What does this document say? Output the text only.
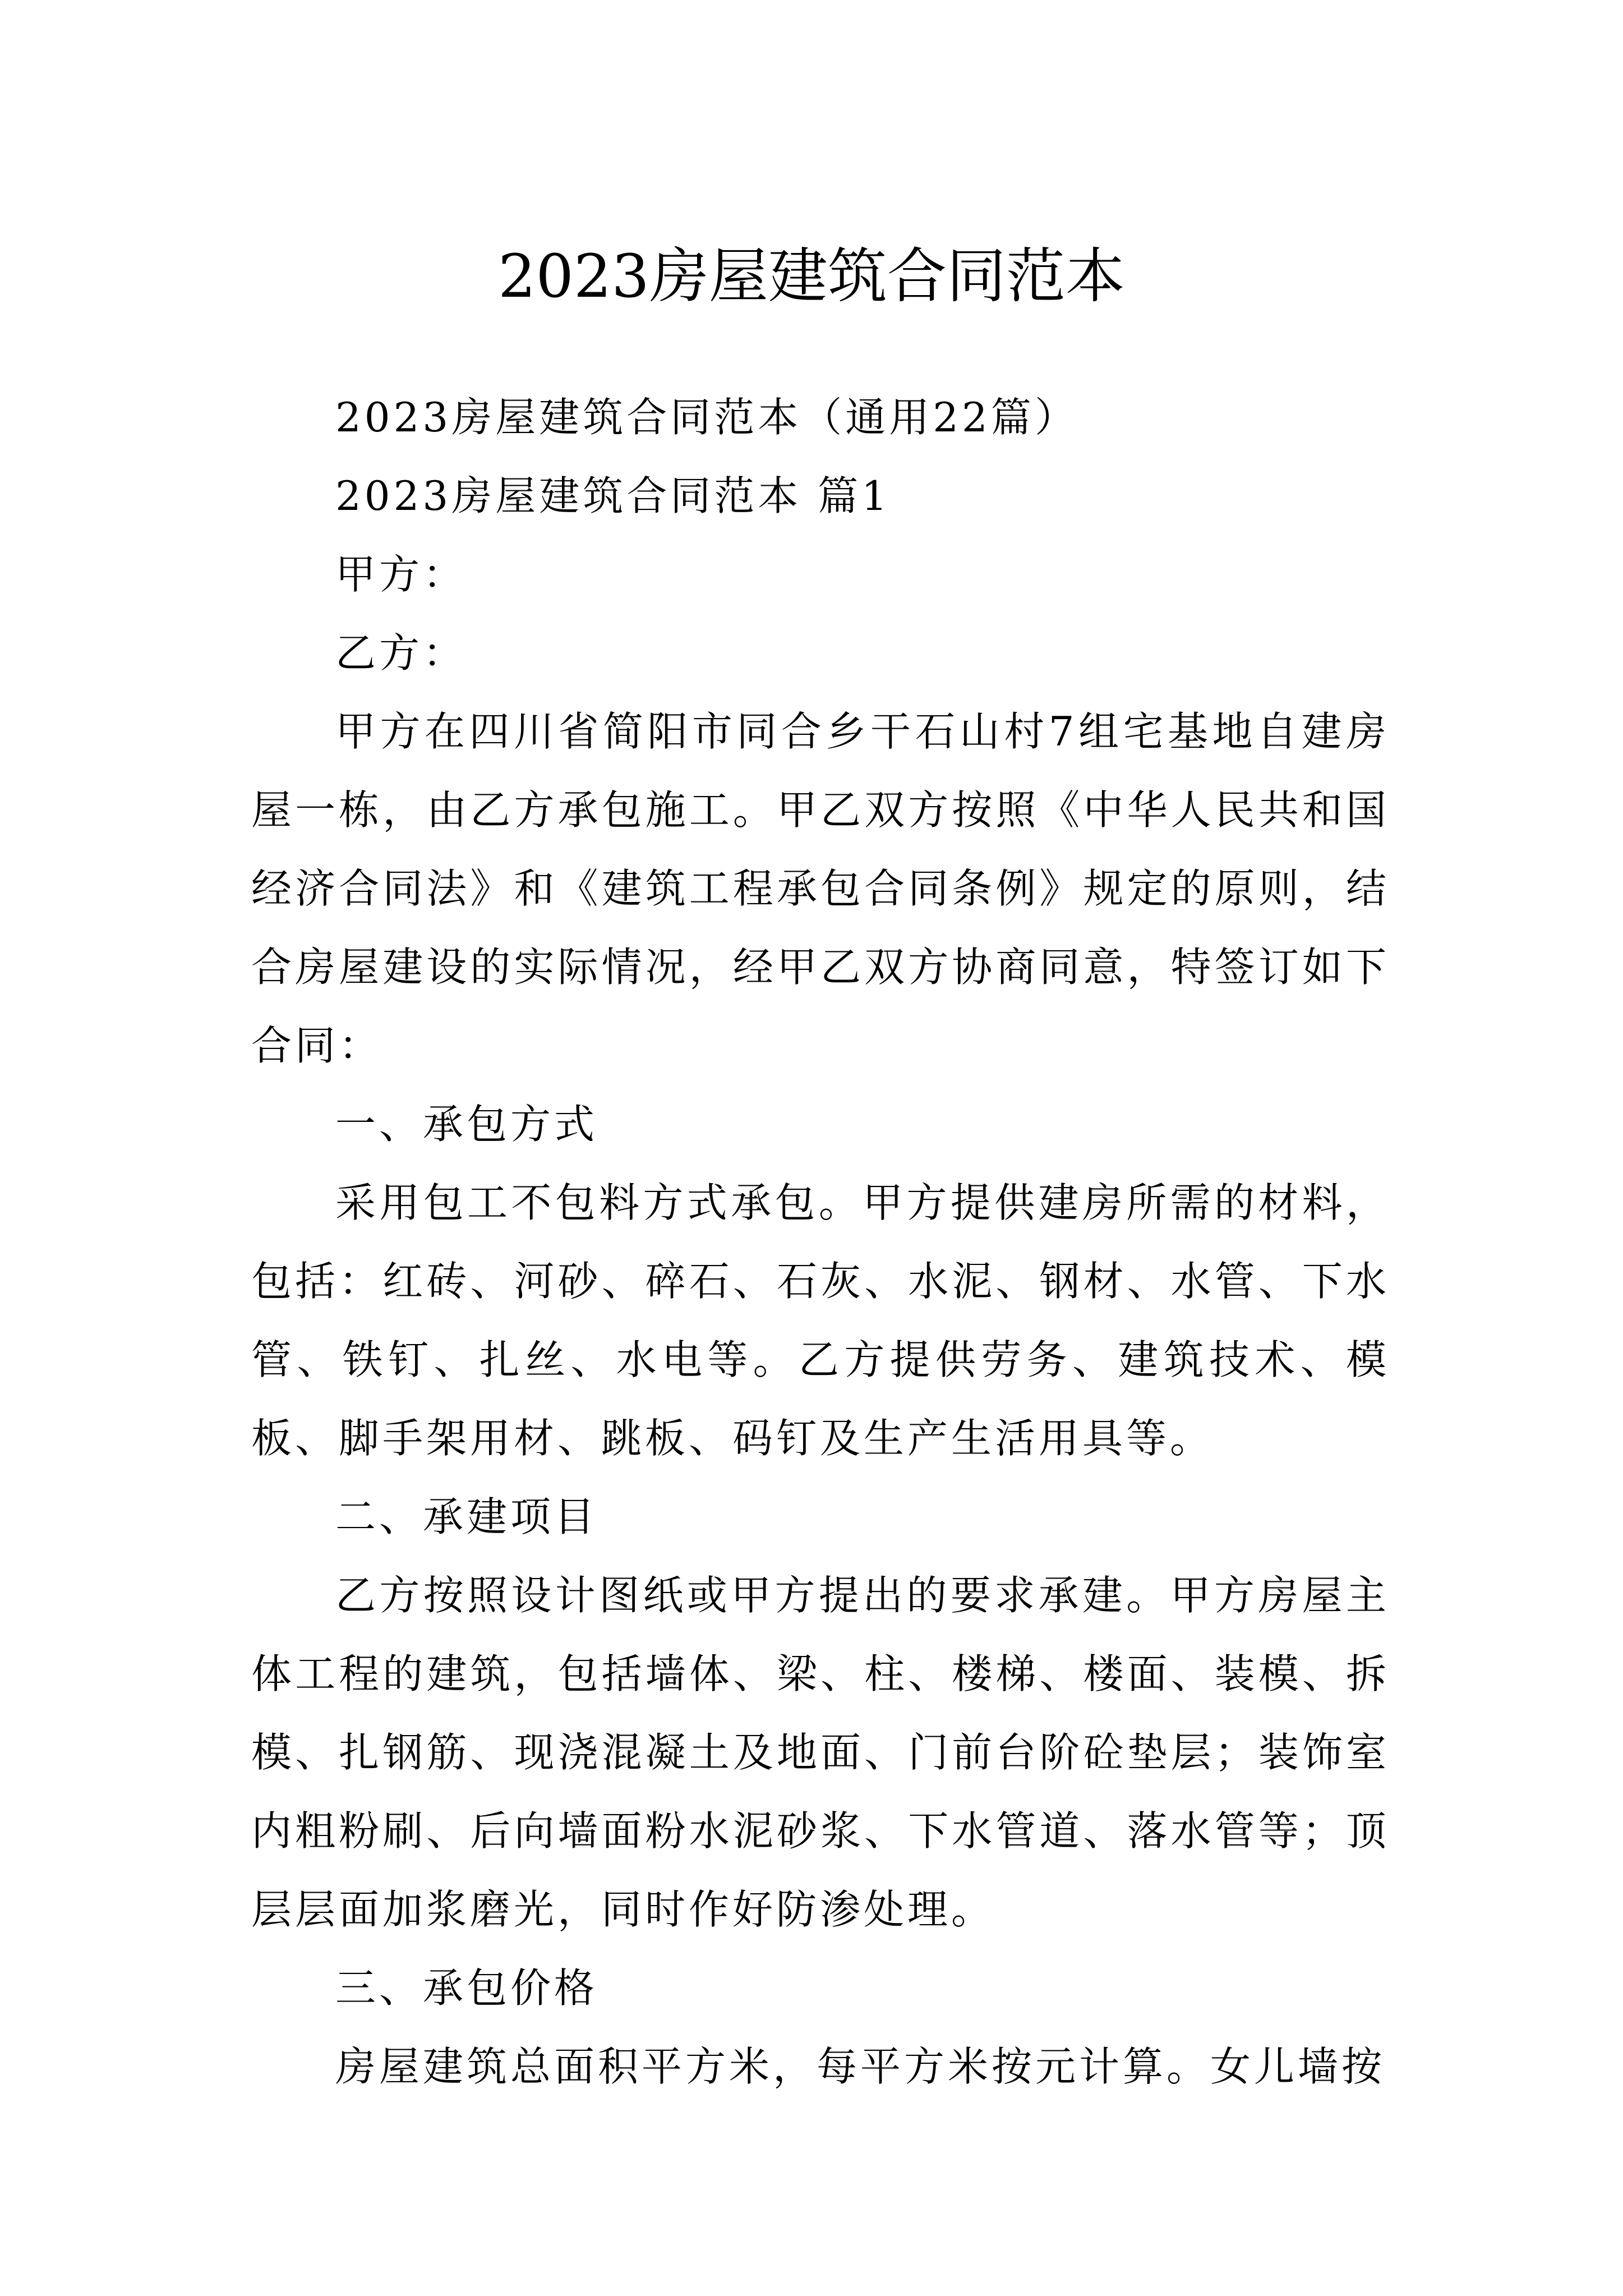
2023房屋建筑合同范本

2023房屋建筑合同范本（通用22篇）

2023房屋建筑合同范本 篇1

甲方：

乙方：

甲方在四川省简阳市同合乡干石山村7组宅基地自建房屋一栋，由乙方承包施工。甲乙双方按照《中华人民共和国经济合同法》和《建筑工程承包合同条例》规定的原则，结合房屋建设的实际情况，经甲乙双方协商同意，特签订如下合同：

一、承包方式

采用包工不包料方式承包。甲方提供建房所需的材料，包括：红砖、河砂、碎石、石灰、水泥、钢材、水管、下水管、铁钉、扎丝、水电等。乙方提供劳务、建筑技术、模板、脚手架用材、跳板、码钉及生产生活用具等。

二、承建项目

乙方按照设计图纸或甲方提出的要求承建。甲方房屋主体工程的建筑，包括墙体、梁、柱、楼梯、楼面、装模、拆模、扎钢筋、现浇混凝土及地面、门前台阶砼垫层；装饰室内粗粉刷、后向墙面粉水泥砂浆、下水管道、落水管等；顶层层面加浆磨光，同时作好防渗处理。

三、承包价格

房屋建筑总面积平方米，每平方米按元计算。女儿墙按
